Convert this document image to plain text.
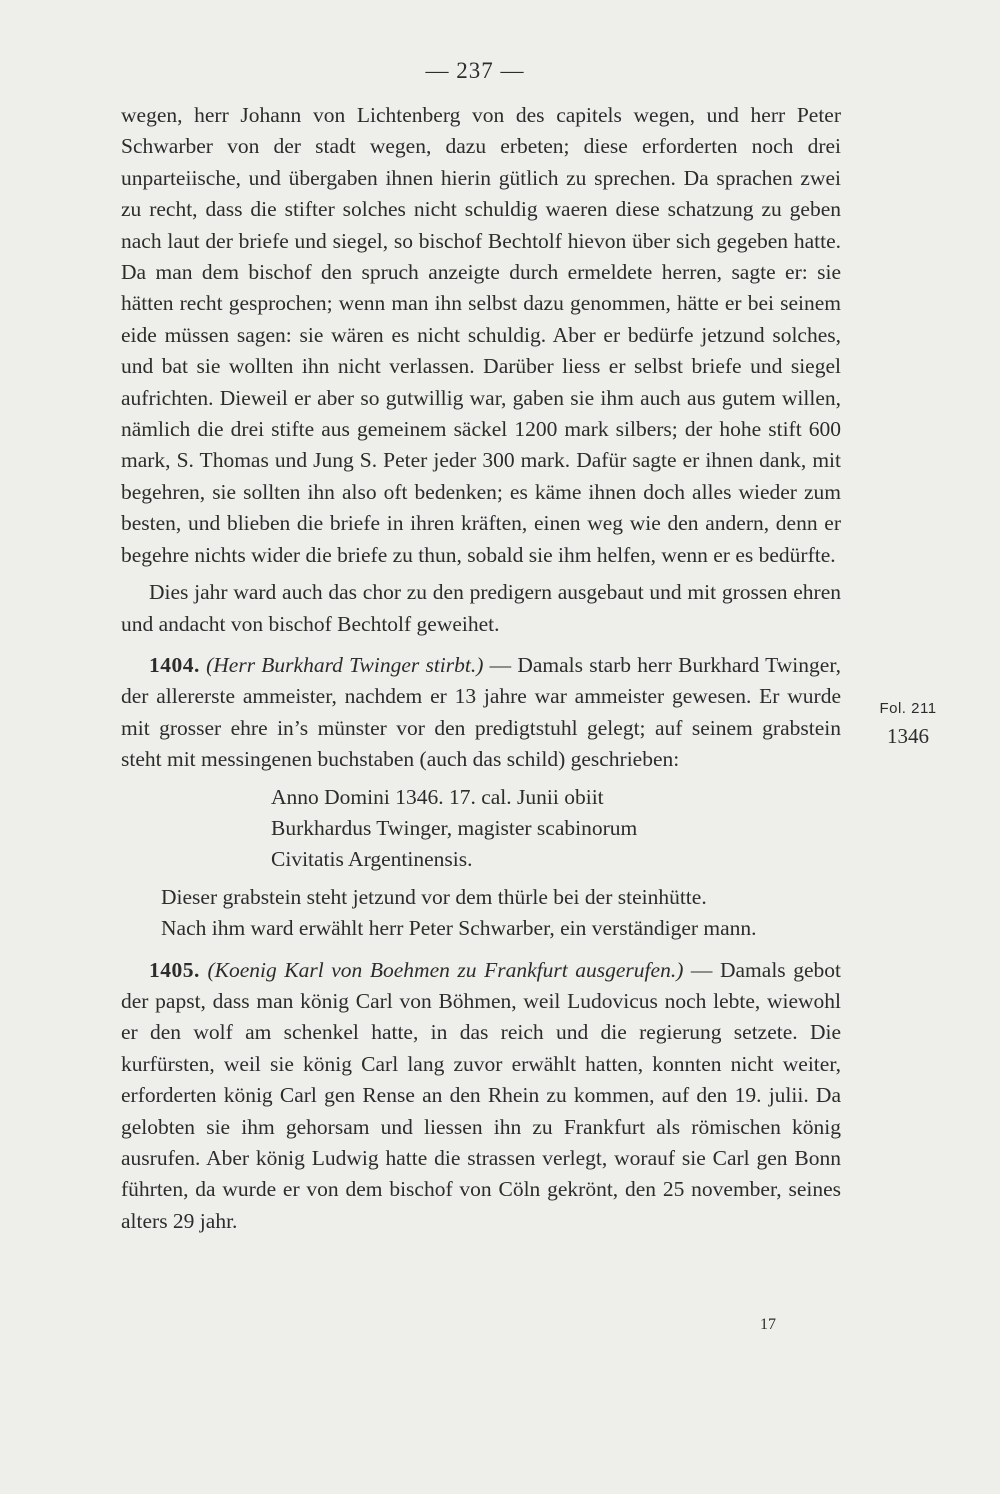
— 237 —

wegen, herr Johann von Lichtenberg von des capitels wegen, und herr Peter Schwarber von der stadt wegen, dazu erbeten; diese erforderten noch drei unparteiische, und übergaben ihnen hierin gütlich zu sprechen. Da sprachen zwei zu recht, dass die stifter solches nicht schuldig waeren diese schatzung zu geben nach laut der briefe und siegel, so bischof Bechtolf hievon über sich gegeben hatte. Da man dem bischof den spruch anzeigte durch ermeldete herren, sagte er: sie hätten recht gesprochen; wenn man ihn selbst dazu genommen, hätte er bei seinem eide müssen sagen: sie wären es nicht schuldig. Aber er bedürfe jetzund solches, und bat sie wollten ihn nicht verlassen. Darüber liess er selbst briefe und siegel aufrichten. Dieweil er aber so gutwillig war, gaben sie ihm auch aus gutem willen, nämlich die drei stifte aus gemeinem säckel 1200 mark silbers; der hohe stift 600 mark, S. Thomas und Jung S. Peter jeder 300 mark. Dafür sagte er ihnen dank, mit begehren, sie sollten ihn also oft bedenken; es käme ihnen doch alles wieder zum besten, und blieben die briefe in ihren kräften, einen weg wie den andern, denn er begehre nichts wider die briefe zu thun, sobald sie ihm helfen, wenn er es bedürfte.

Dies jahr ward auch das chor zu den predigern ausgebaut und mit grossen ehren und andacht von bischof Bechtolf geweihet.

1404. (Herr Burkhard Twinger stirbt.) — Damals starb herr Burkhard Twinger, der allererste ammeister, nachdem er 13 jahre war ammeister gewesen. Er wurde mit grosser ehre in’s münster vor den predigtstuhl gelegt; auf seinem grabstein steht mit messingenen buchstaben (auch das schild) geschrieben:

Anno Domini 1346. 17. cal. Junii obiit
Burkhardus Twinger, magister scabinorum
Civitatis Argentinensis.

Dieser grabstein steht jetzund vor dem thürle bei der steinhütte.

Nach ihm ward erwählt herr Peter Schwarber, ein verständiger mann.

1405. (Koenig Karl von Boehmen zu Frankfurt ausgerufen.) — Damals gebot der papst, dass man könig Carl von Böhmen, weil Ludovicus noch lebte, wiewohl er den wolf am schenkel hatte, in das reich und die regierung setzete. Die kurfürsten, weil sie könig Carl lang zuvor erwählt hatten, konnten nicht weiter, erforderten könig Carl gen Rense an den Rhein zu kommen, auf den 19. julii. Da gelobten sie ihm gehorsam und liessen ihn zu Frankfurt als römischen könig ausrufen. Aber könig Ludwig hatte die strassen verlegt, worauf sie Carl gen Bonn führten, da wurde er von dem bischof von Cöln gekrönt, den 25 november, seines alters 29 jahr.

Fol. 211
1346
17
